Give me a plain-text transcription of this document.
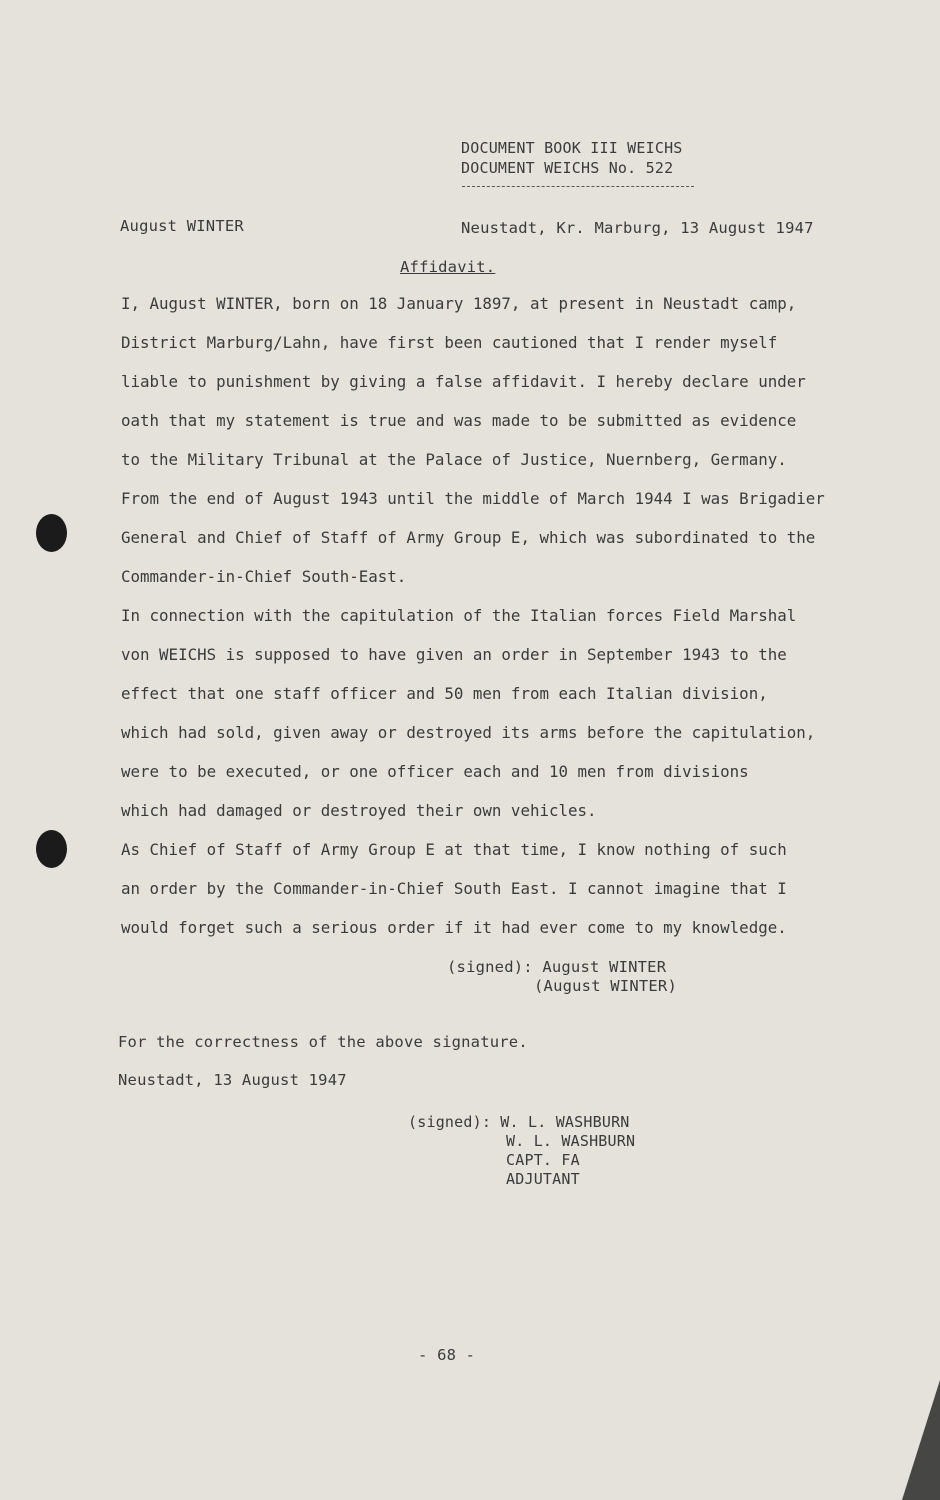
DOCUMENT BOOK III WEICHS
DOCUMENT WEICHS No. 522
August WINTER	Neustadt, Kr. Marburg, 13 August 1947
Affidavit.
I, August WINTER, born on 18 January 1897, at present in Neustadt camp,
District Marburg/Lahn, have first been cautioned that I render myself
liable to punishment by giving a false affidavit. I hereby declare under
oath that my statement is true and was made to be submitted as evidence
to the Military Tribunal at the Palace of Justice, Nuernberg, Germany.
From the end of August 1943 until the middle of March 1944 I was Brigadier
General and Chief of Staff of Army Group E, which was subordinated to the
Commander-in-Chief South-East.
In connection with the capitulation of the Italian forces Field Marshal
von WEICHS is supposed to have given an order in September 1943 to the
effect that one staff officer and 50 men from each Italian division,
which had sold, given away or destroyed its arms before the capitulation,
were to be executed, or one officer each and 10 men from divisions
which had damaged or destroyed their own vehicles.
As Chief of Staff of Army Group E at that time, I know nothing of such
an order by the Commander-in-Chief South East. I cannot imagine that I
would forget such a serious order if it had ever come to my knowledge.
(signed): August WINTER
(August WINTER)
For the correctness of the above signature.
Neustadt, 13 August 1947
(signed): W. L. WASHBURN
W. L. WASHBURN
CAPT. FA
ADJUTANT
- 68 -
